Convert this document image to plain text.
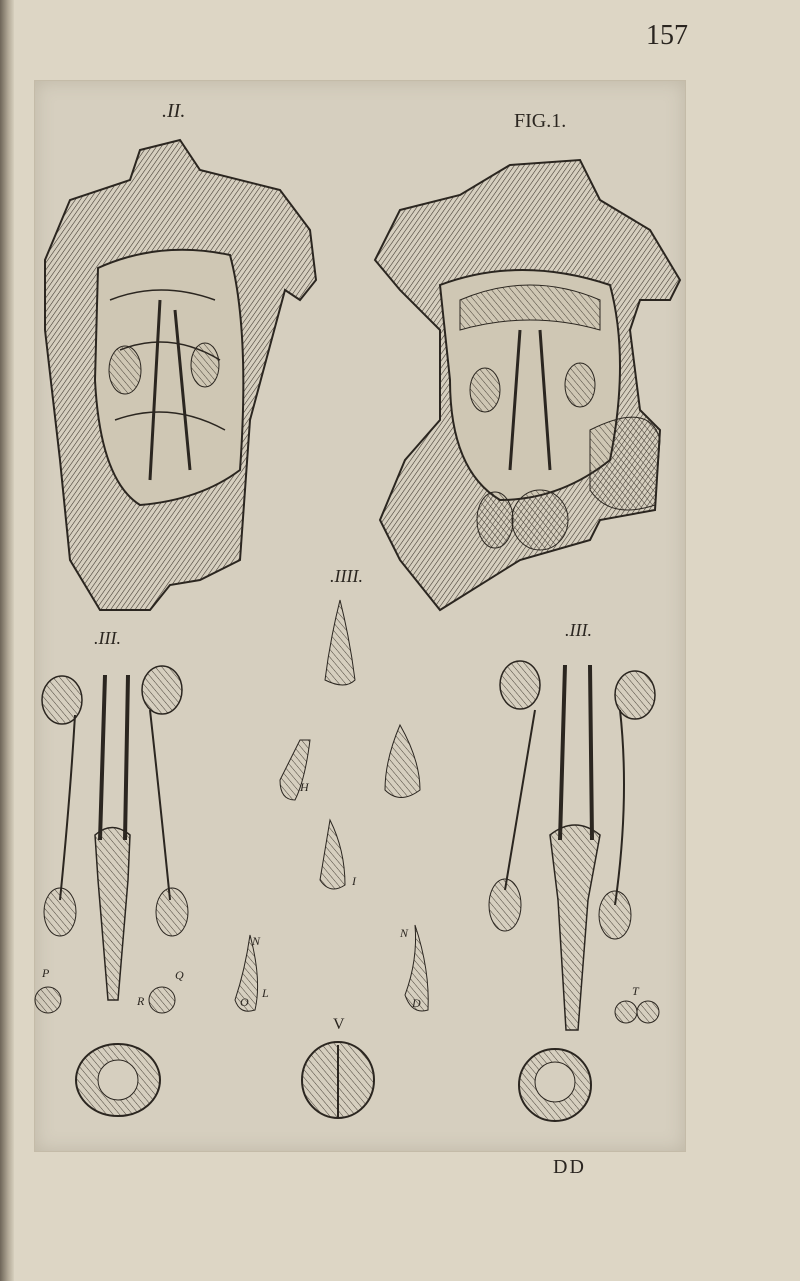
157
.II.	FIG.1.
.III.	.III.
.IIII.
V
P	Q
R
T
H
I
L
N
N
O	D
DD
